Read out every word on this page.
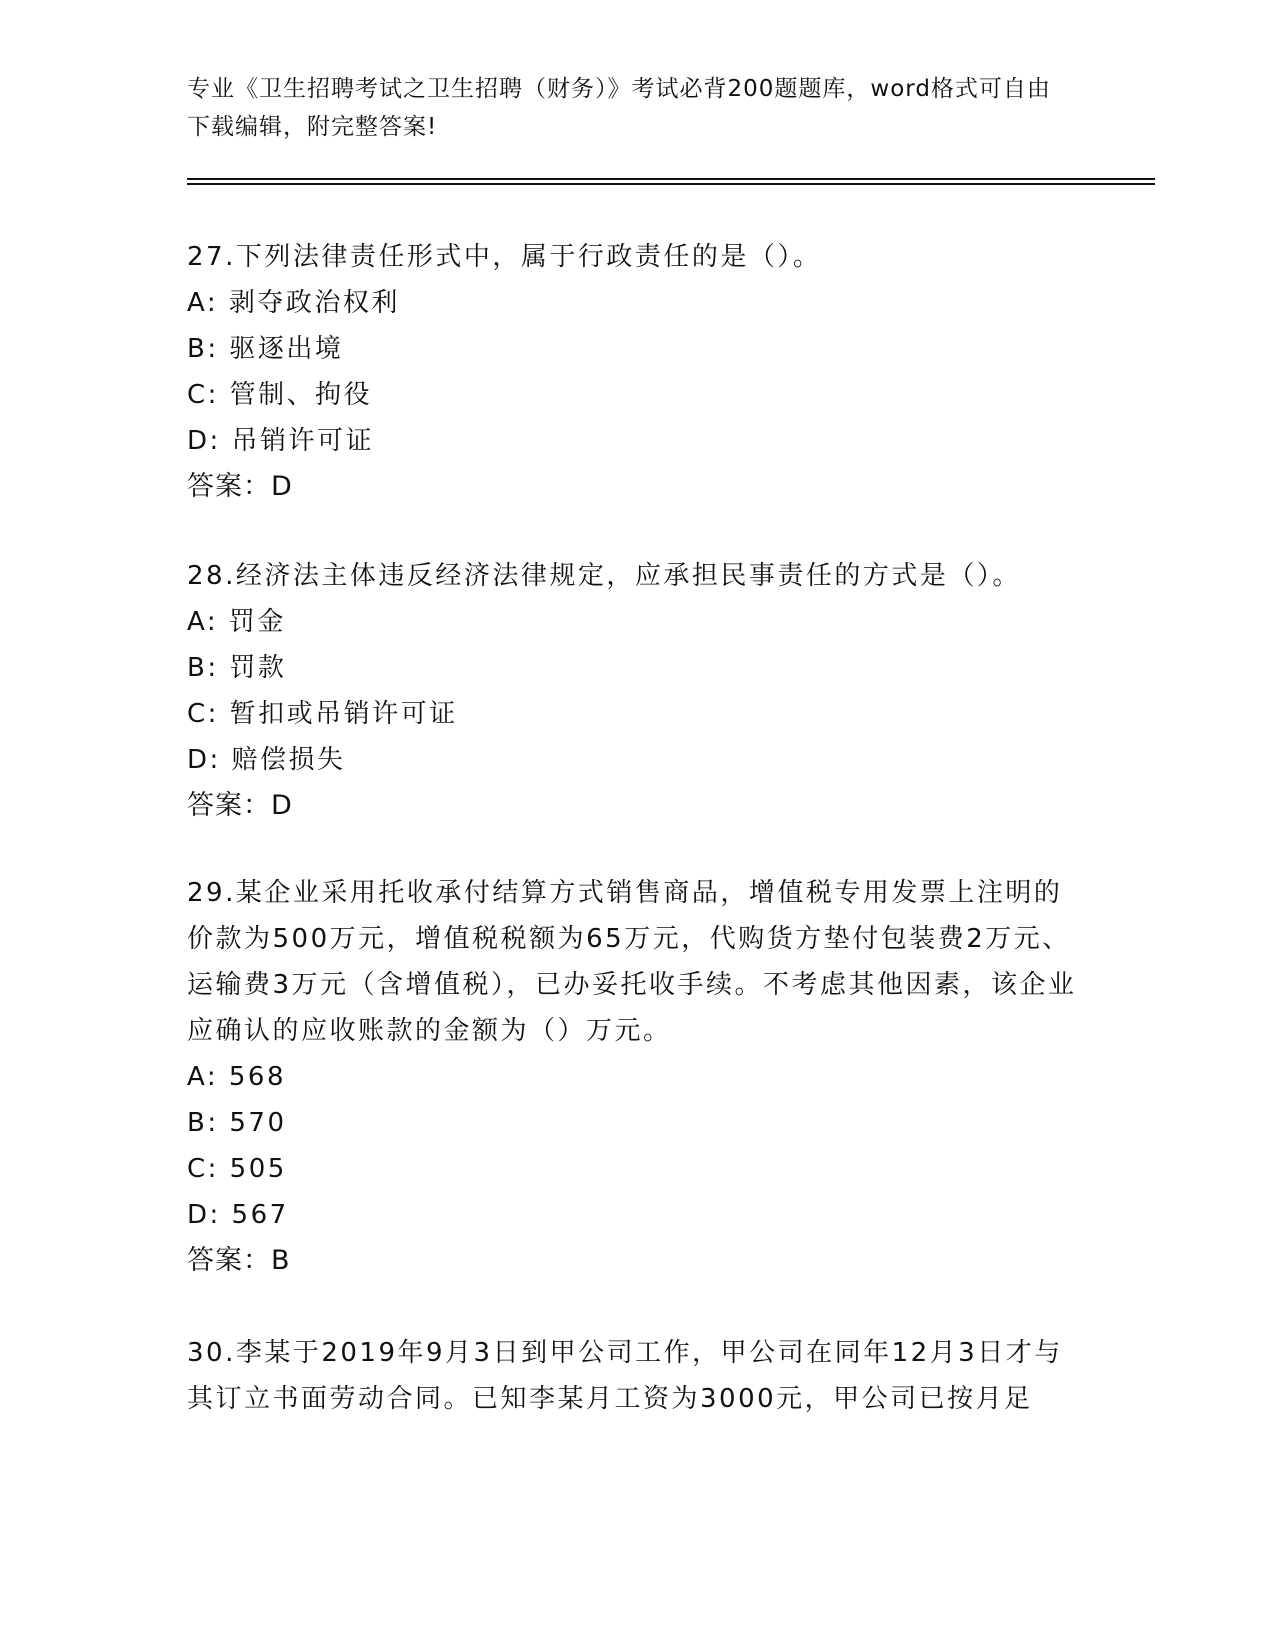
专业《卫生招聘考试之卫生招聘（财务）》考试必背200题题库，word格式可自由下载编辑，附完整答案!
27.下列法律责任形式中，属于行政责任的是（）。
A: 剥夺政治权利
B: 驱逐出境
C: 管制、拘役
D: 吊销许可证
答案：D
28.经济法主体违反经济法律规定，应承担民事责任的方式是（）。
A: 罚金
B: 罚款
C: 暂扣或吊销许可证
D: 赔偿损失
答案：D
29.某企业采用托收承付结算方式销售商品，增值税专用发票上注明的价款为500万元，增值税税额为65万元，代购货方垫付包装费2万元、运输费3万元（含增值税），已办妥托收手续。不考虑其他因素，该企业应确认的应收账款的金额为（）万元。
A: 568
B: 570
C: 505
D: 567
答案：B
30.李某于2019年9月3日到甲公司工作，甲公司在同年12月3日才与其订立书面劳动合同。已知李某月工资为3000元，甲公司已按月足
